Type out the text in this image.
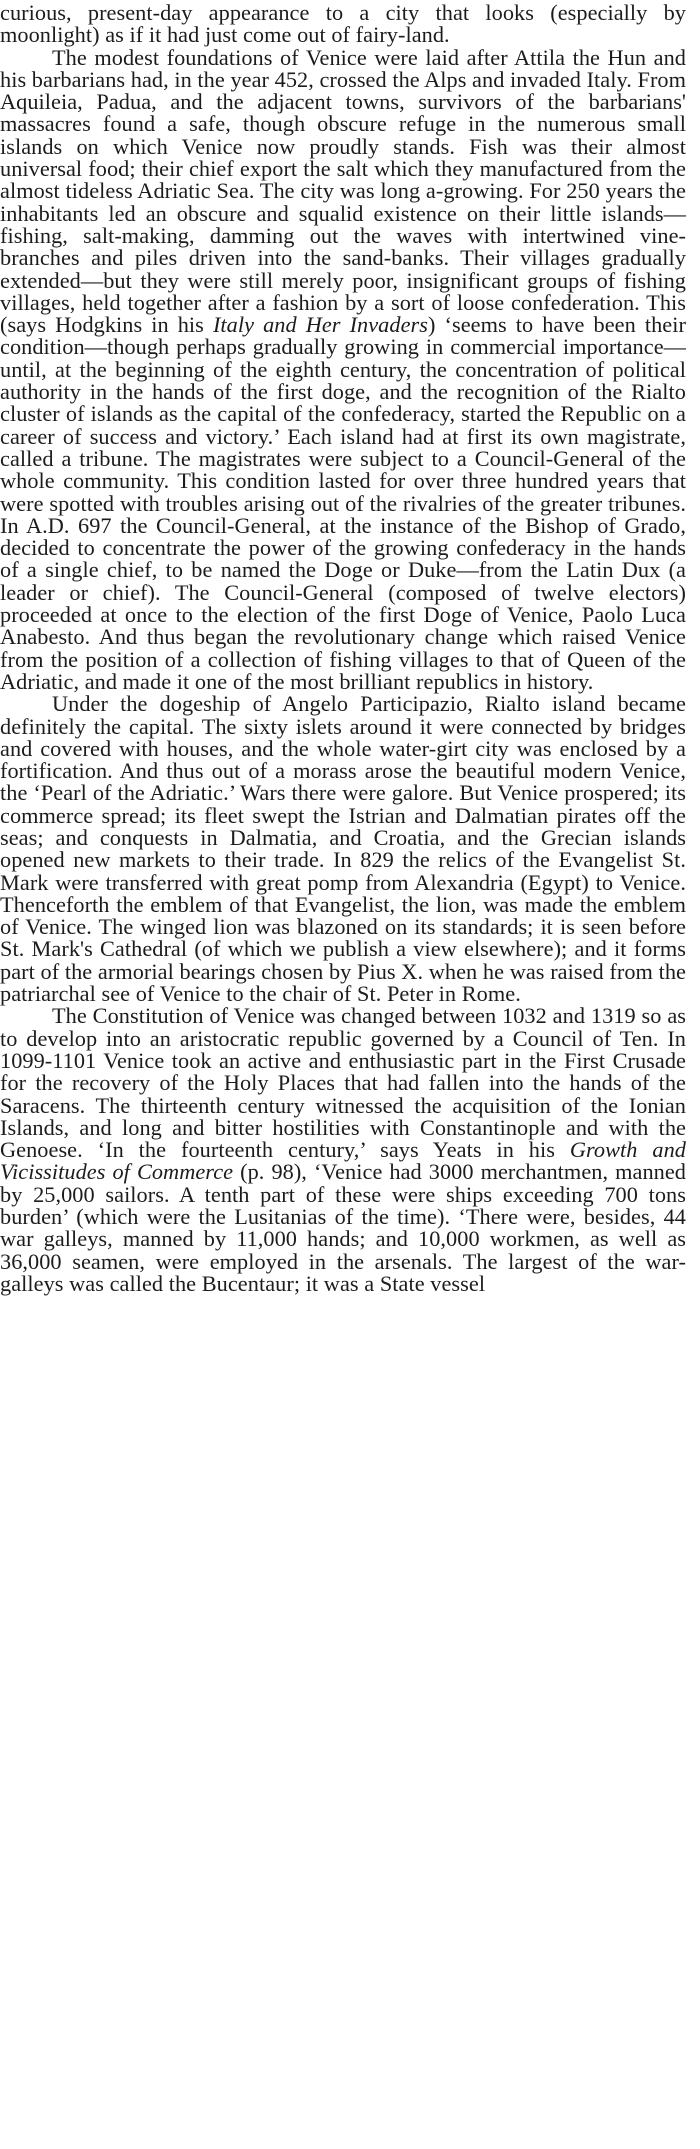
curious, present-day appearance to a city that looks (especially by moonlight) as if it had just come out of fairy-land.

The modest foundations of Venice were laid after Attila the Hun and his barbarians had, in the year 452, crossed the Alps and invaded Italy. From Aquileia, Padua, and the adjacent towns, survivors of the barbarians' massacres found a safe, though obscure refuge in the numerous small islands on which Venice now proudly stands. Fish was their almost universal food; their chief export the salt which they manufactured from the almost tideless Adriatic Sea. The city was long a-growing. For 250 years the inhabitants led an obscure and squalid existence on their little islands—fishing, salt-making, damming out the waves with intertwined vine-branches and piles driven into the sand-banks. Their villages gradually extended—but they were still merely poor, insignificant groups of fishing villages, held together after a fashion by a sort of loose confederation. This (says Hodgkins in his Italy and Her Invaders) ‘seems to have been their condition—though perhaps gradually growing in commercial importance—until, at the beginning of the eighth century, the concentration of political authority in the hands of the first doge, and the recognition of the Rialto cluster of islands as the capital of the confederacy, started the Republic on a career of success and victory.’ Each island had at first its own magistrate, called a tribune. The magistrates were subject to a Council-General of the whole community. This condition lasted for over three hundred years that were spotted with troubles arising out of the rivalries of the greater tribunes. In A.D. 697 the Council-General, at the instance of the Bishop of Grado, decided to concentrate the power of the growing confederacy in the hands of a single chief, to be named the Doge or Duke—from the Latin Dux (a leader or chief). The Council-General (composed of twelve electors) proceeded at once to the election of the first Doge of Venice, Paolo Luca Anabesto. And thus began the revolutionary change which raised Venice from the position of a collection of fishing villages to that of Queen of the Adriatic, and made it one of the most brilliant republics in history.

Under the dogeship of Angelo Participazio, Rialto island became definitely the capital. The sixty islets around it were connected by bridges and covered with houses, and the whole water-girt city was enclosed by a fortification. And thus out of a morass arose the beautiful modern Venice, the ‘Pearl of the Adriatic.’ Wars there were galore. But Venice prospered; its commerce spread; its fleet swept the Istrian and Dalmatian pirates off the seas; and conquests in Dalmatia, and Croatia, and the Grecian islands opened new markets to their trade. In 829 the relics of the Evangelist St. Mark were transferred with great pomp from Alexandria (Egypt) to Venice. Thenceforth the emblem of that Evangelist, the lion, was made the emblem of Venice. The winged lion was blazoned on its standards; it is seen before St. Mark's Cathedral (of which we publish a view elsewhere); and it forms part of the armorial bearings chosen by Pius X. when he was raised from the patriarchal see of Venice to the chair of St. Peter in Rome.

The Constitution of Venice was changed between 1032 and 1319 so as to develop into an aristocratic republic governed by a Council of Ten. In 1099-1101 Venice took an active and enthusiastic part in the First Crusade for the recovery of the Holy Places that had fallen into the hands of the Saracens. The thirteenth century witnessed the acquisition of the Ionian Islands, and long and bitter hostilities with Constantinople and with the Genoese. ‘In the fourteenth century,’ says Yeats in his Growth and Vicissitudes of Commerce (p. 98), ‘Venice had 3000 merchantmen, manned by 25,000 sailors. A tenth part of these were ships exceeding 700 tons burden’ (which were the Lusitanias of the time). ‘There were, besides, 44 war galleys, manned by 11,000 hands; and 10,000 workmen, as well as 36,000 seamen, were employed in the arsenals. The largest of the war-galleys was called the Bucentaur; it was a State vessel
